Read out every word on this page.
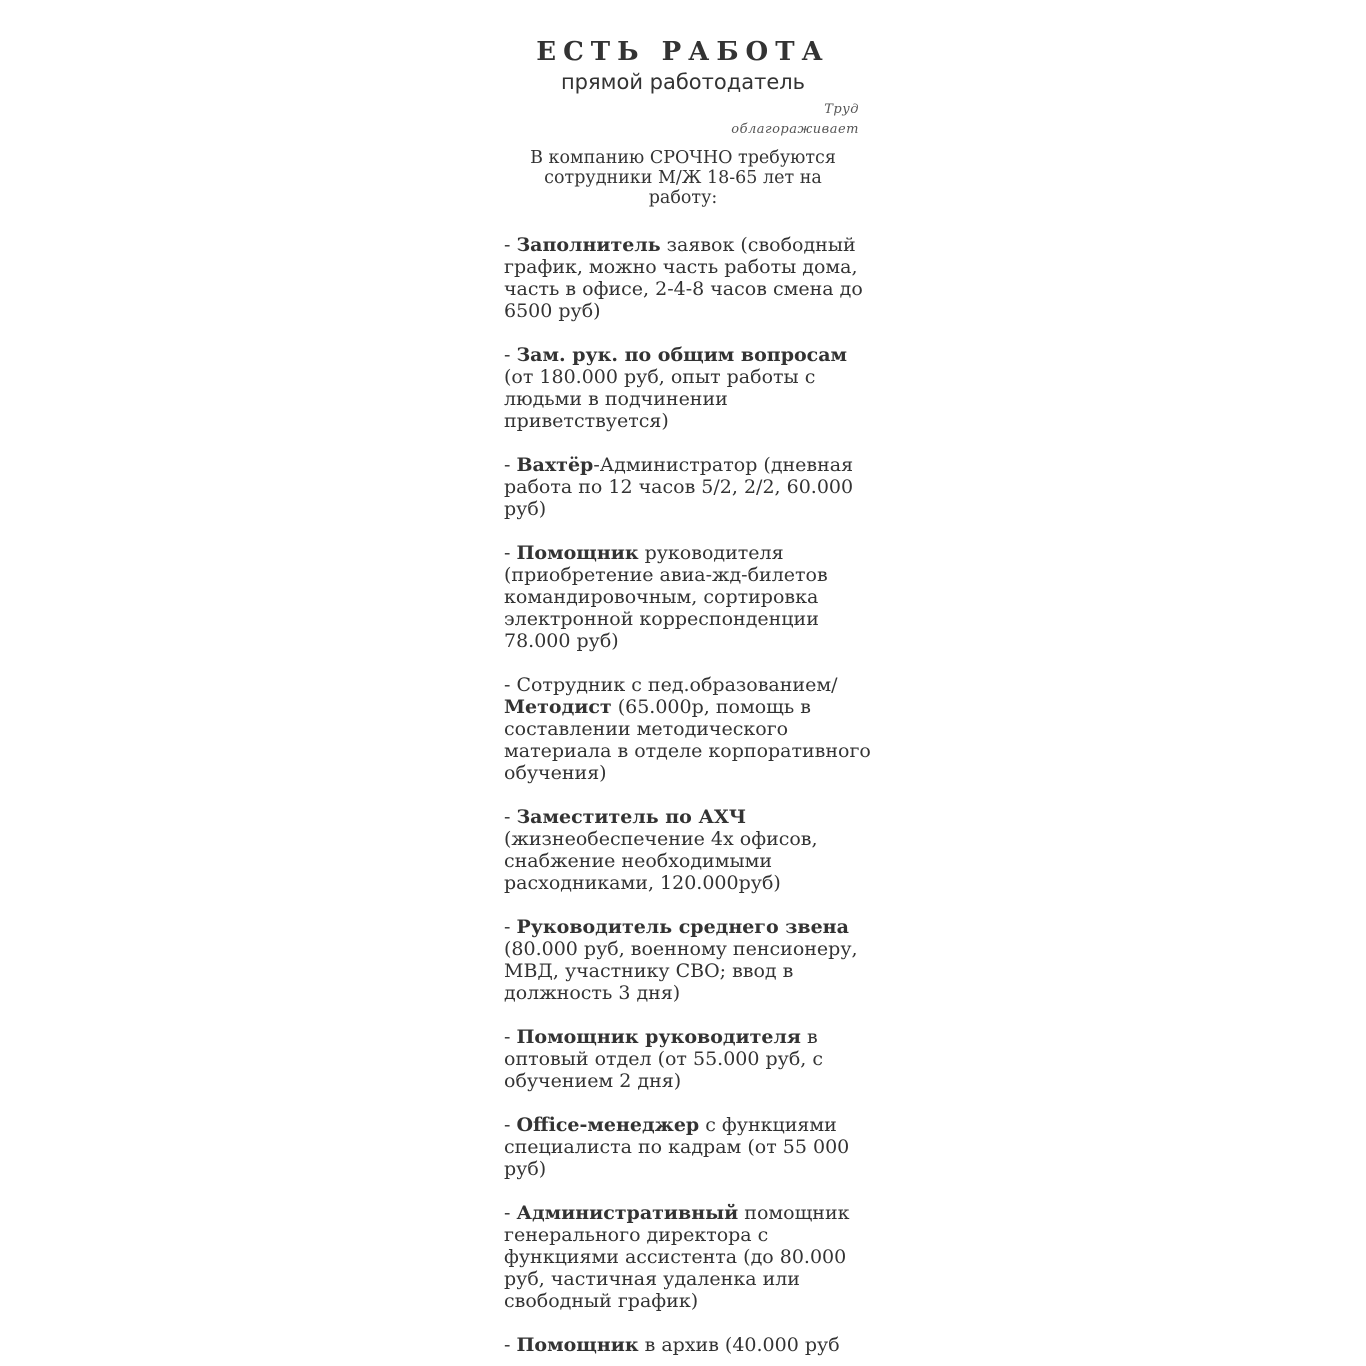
ЕСТЬ РАБОТА

прямой работодатель

Труд облагораживает
В компанию СРОЧНО требуются сотрудники М/Ж 18-65 лет на работу:

- Заполнитель заявок (свободный график, можно часть работы дома, часть в офисе, 2-4-8 часов смена до 6500 руб)

- Зам. рук. по общим вопросам (от 180.000 руб, опыт работы с людьми в подчинении приветствуется)

- Вахтёр-Администратор (дневная работа по 12 часов 5/2, 2/2, 60.000 руб)

- Помощник руководителя (приобретение авиа-жд-билетов командировочным, сортировка электронной корреспонденции 78.000 руб)

- Сотрудник с пед.образованием/ Методист (65.000р, помощь в составлении методического материала в отделе корпоративного обучения)

- Заместитель по АХЧ (жизнеобеспечение 4х офисов, снабжение необходимыми расходниками, 120.000руб)

- Руководитель среднего звена (80.000 руб, военному пенсионеру, МВД, участнику СВО; ввод в должность 3 дня)

- Помощник руководителя в оптовый отдел (от 55.000 руб, с обучением 2 дня)

- Office-менеджер с функциями специалиста по кадрам (от 55 000 руб)

- Административный помощник генерального директора с функциями ассистента (до 80.000 руб, частичная удаленка или свободный график)

- Помощник в архив (40.000 руб
